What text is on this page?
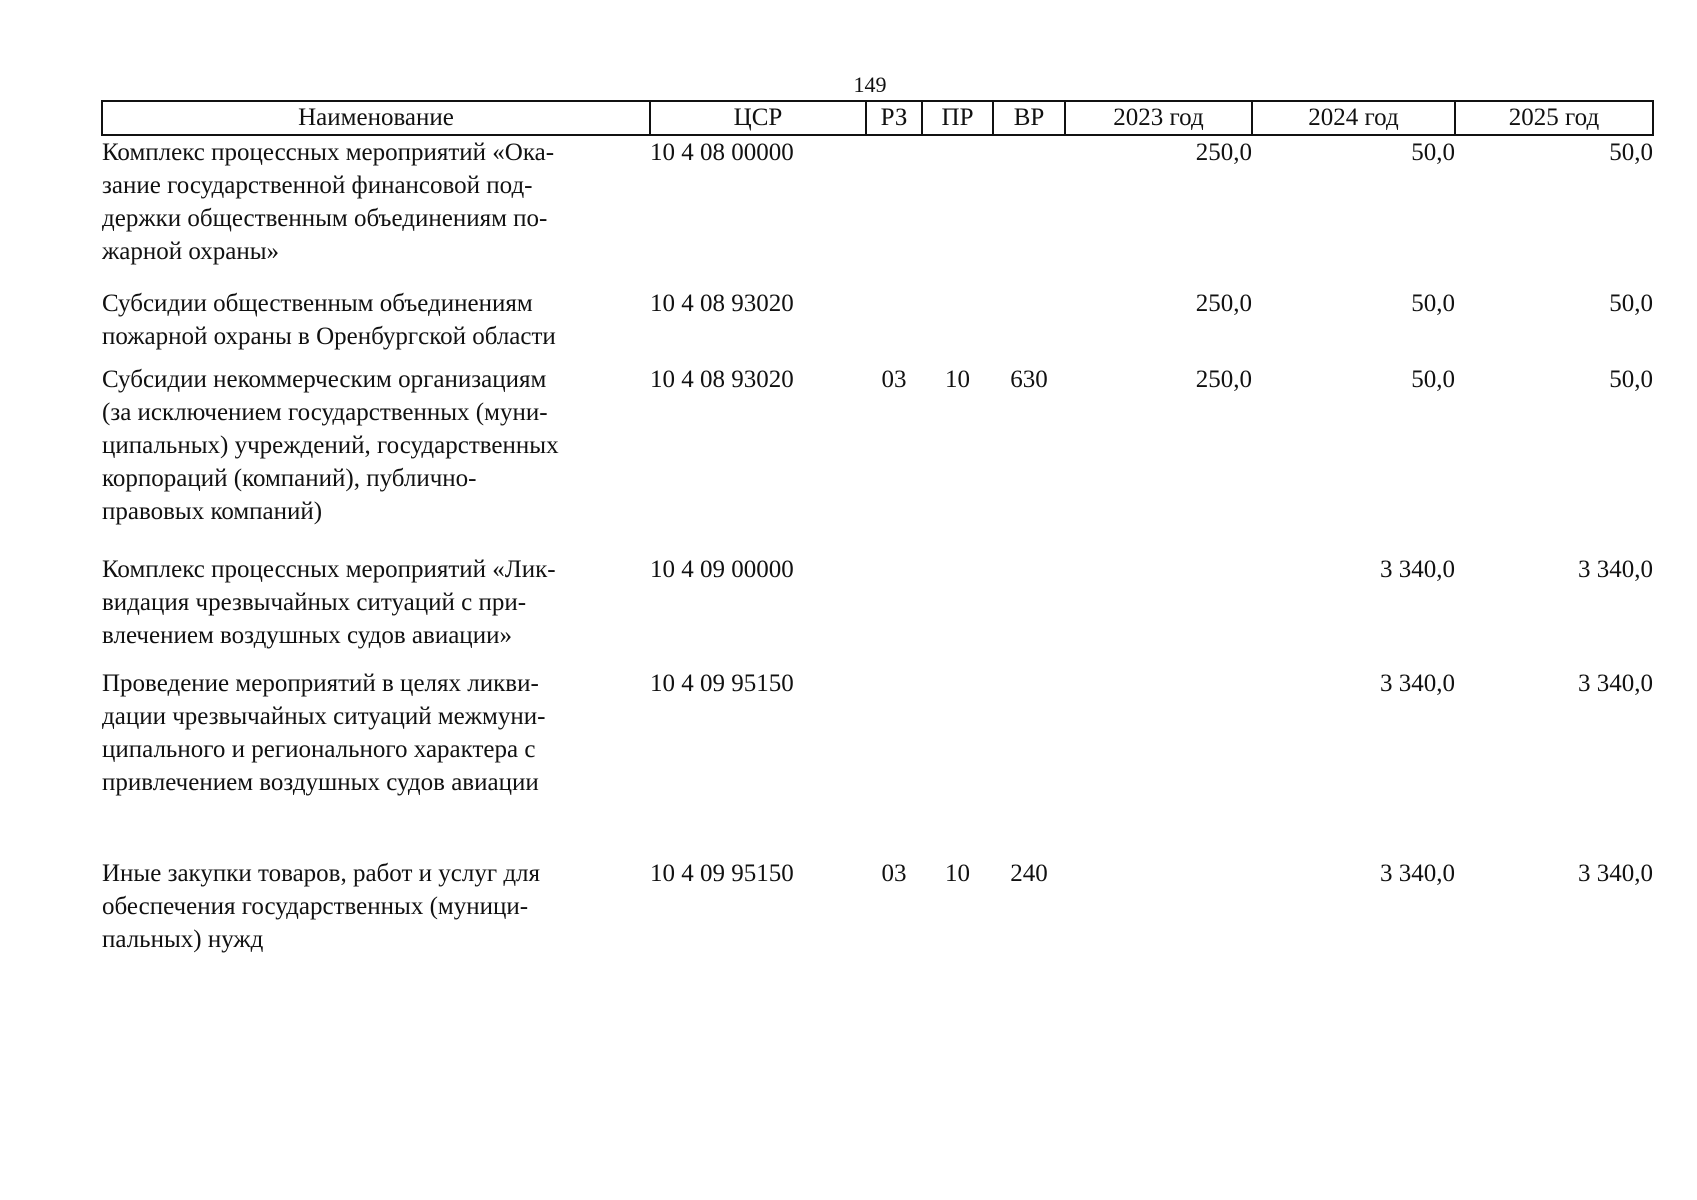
149
Наименование	ЦСР	РЗ	ПР	ВР	2023 год	2024 год	2025 год

Комплекс процессных мероприятий «Ока-
зание государственной финансовой под-
держки общественным объединениям по-
жарной охраны»	10 4 08 00000				250,0	50,0	50,0

Субсидии общественным объединениям
пожарной охраны в Оренбургской области	10 4 08 93020				250,0	50,0	50,0

Субсидии некоммерческим организациям
(за исключением государственных (муни-
ципальных) учреждений, государственных
корпораций (компаний), публично-
правовых компаний)	10 4 08 93020	03	10	630	250,0	50,0	50,0

Комплекс процессных мероприятий «Лик-
видация чрезвычайных ситуаций с при-
влечением воздушных судов авиации»	10 4 09 00000					3 340,0	3 340,0

Проведение мероприятий в целях ликви-
дации чрезвычайных ситуаций межмуни-
ципального и регионального характера с
привлечением воздушных судов авиации	10 4 09 95150					3 340,0	3 340,0

Иные закупки товаров, работ и услуг для
обеспечения государственных (муници-
пальных) нужд	10 4 09 95150	03	10	240		3 340,0	3 340,0
